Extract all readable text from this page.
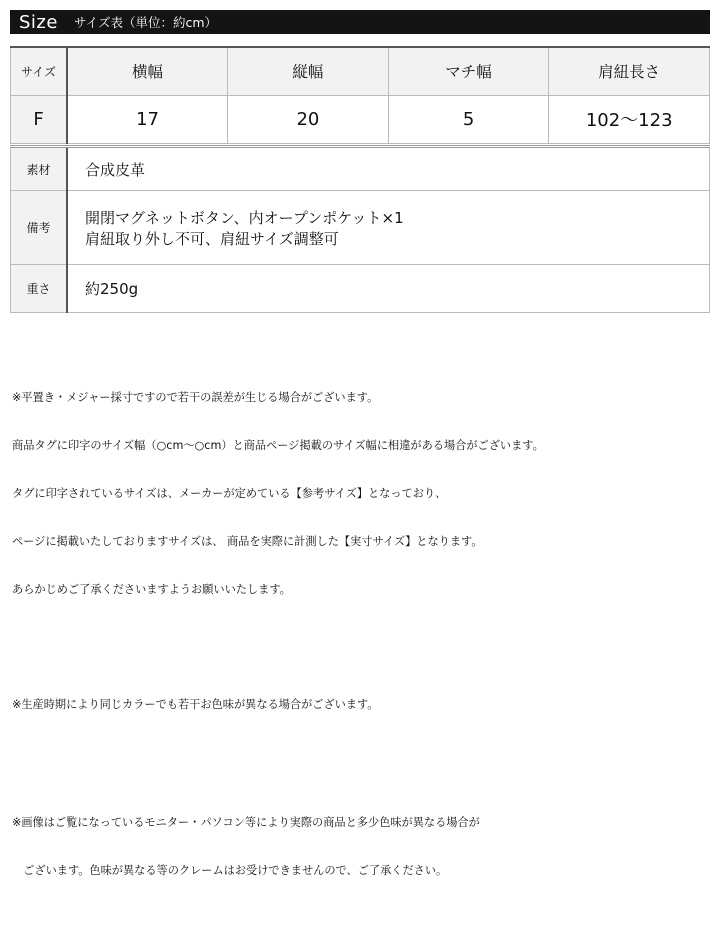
Size サイズ表（単位：約cm）
サイズ	横幅	縦幅	マチ幅	肩紐長さ
F	17	20	5	102〜123
素材	合成皮革
備考	開閉マグネットボタン、内オープンポケット×1
肩紐取り外し不可、肩紐サイズ調整可

重さ	約250g

※平置き・メジャー採寸ですので若干の誤差が生じる場合がございます。

商品タグに印字のサイズ幅（○cm〜○cm）と商品ページ掲載のサイズ幅に相違がある場合がございます。

タグに印字されているサイズは、メーカーが定めている【参考サイズ】となっており、

ページに掲載いたしておりますサイズは、 商品を実際に計測した【実寸サイズ】となります。

あらかじめご了承くださいますようお願いいたします。

※生産時期により同じカラーでも若干お色味が異なる場合がございます。

※画像はご覧になっているモニター・パソコン等により実際の商品と多少色味が異なる場合が

　ございます。色味が異なる等のクレームはお受けできませんので、ご了承ください。
